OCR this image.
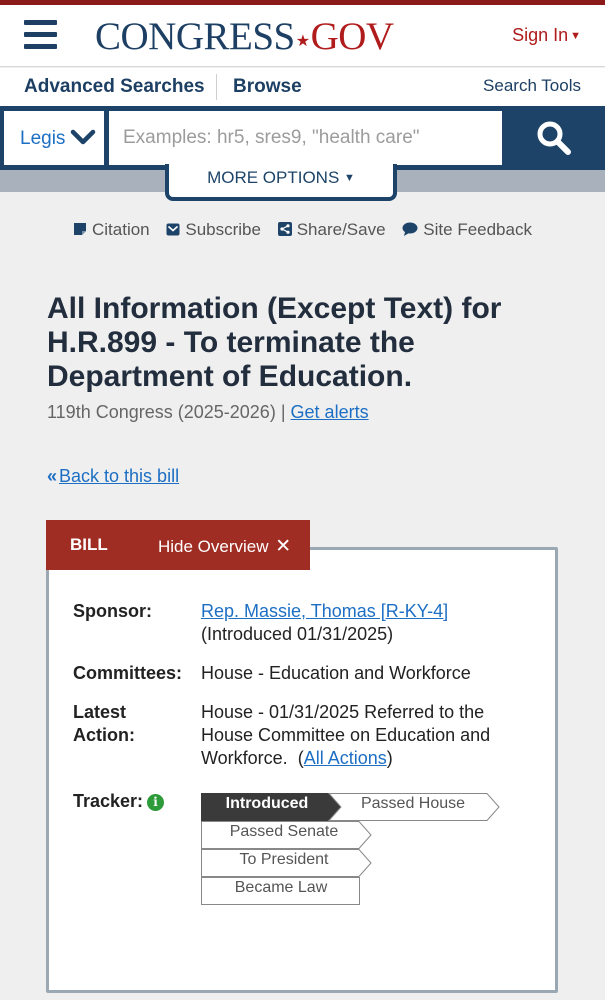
CONGRESS★GOV	Sign In ▼
Advanced Searches Browse	Search Tools
Legis
Examples: hr5, sres9, "health care"
MORE OPTIONS ▼
Citation Subscribe Share/Save Site Feedback
All Information (Except Text) for H.R.899 - To terminate the Department of Education.
119th Congress (2025-2026) | Get alerts
« Back to this bill
BILL	Hide Overview ✕
Sponsor:	Rep. Massie, Thomas [R-KY-4]
(Introduced 01/31/2025)
Committees: House - Education and Workforce
Latest
Action:
House - 01/31/2025 Referred to the House Committee on Education and Workforce.  (All Actions)
Tracker: i	Introduced	Passed House
Passed Senate
To President
Became Law
